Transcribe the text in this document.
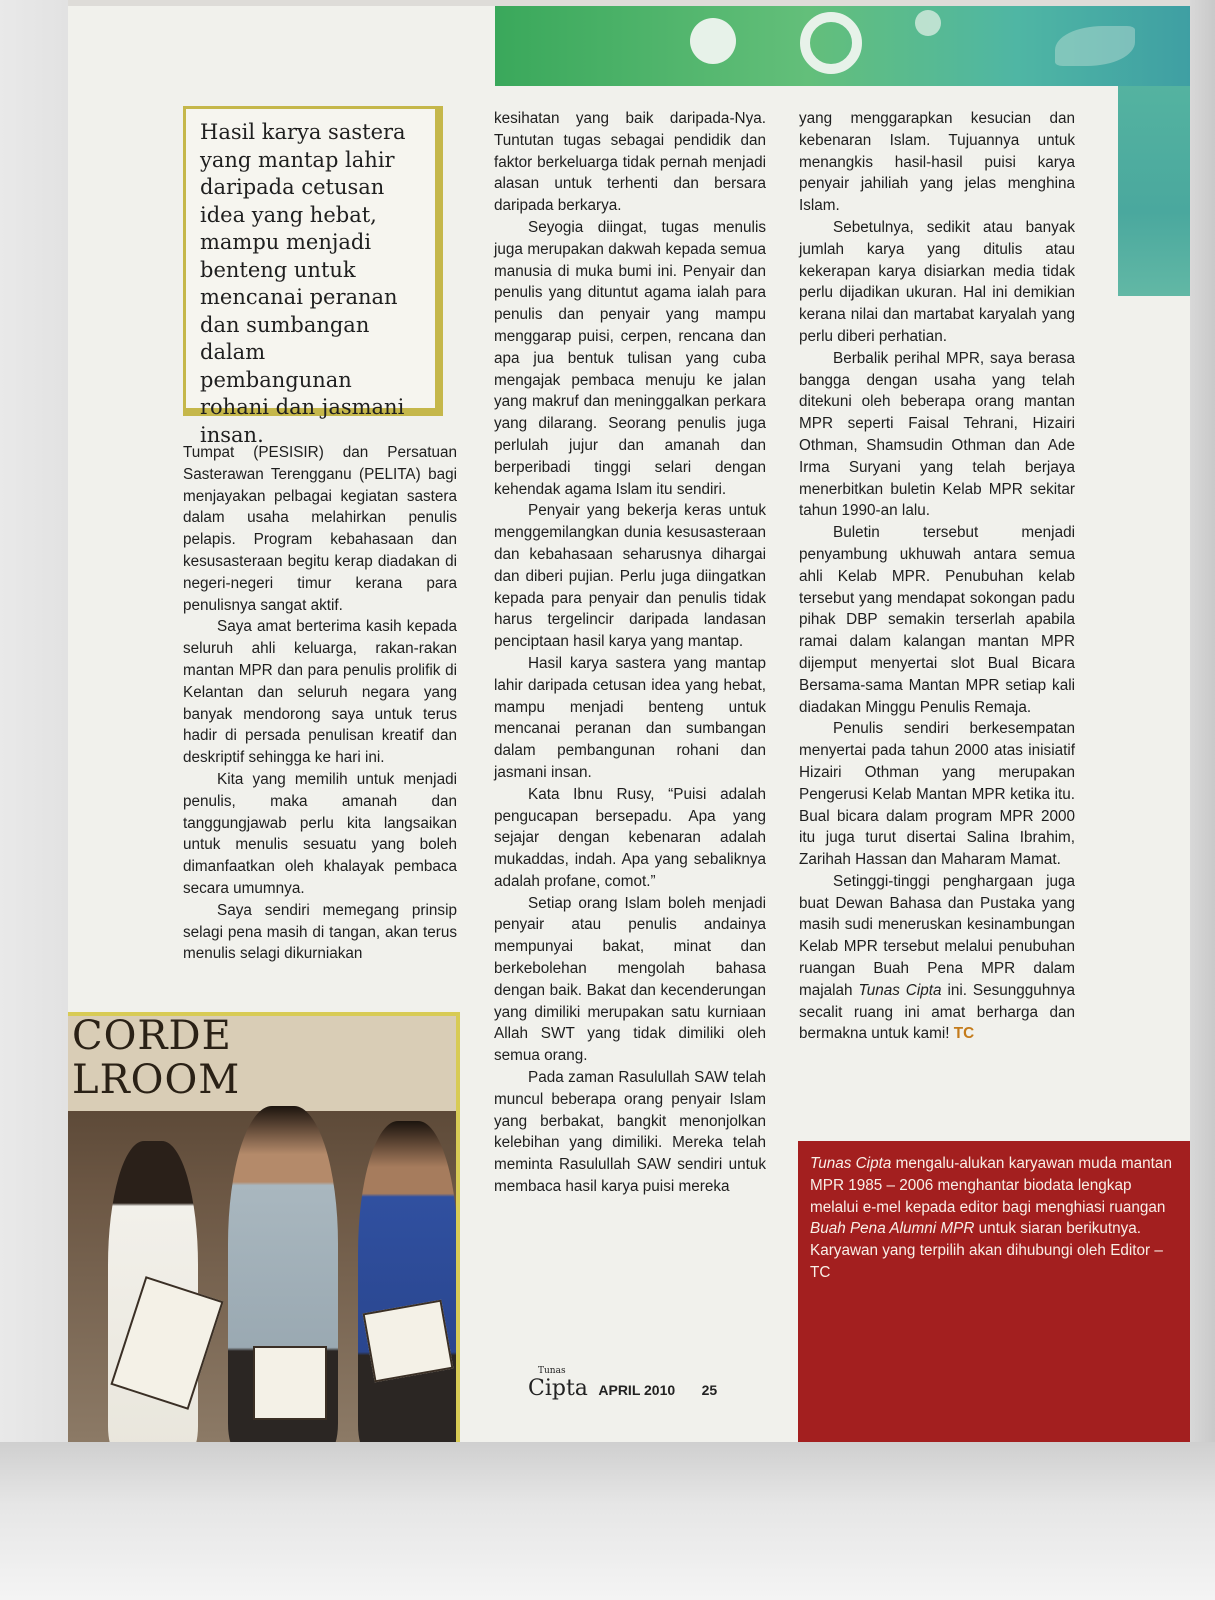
Hasil karya sastera yang mantap lahir daripada cetusan idea yang hebat, mampu menjadi benteng untuk mencanai peranan dan sumbangan dalam pembangunan rohani dan jasmani insan.

Tumpat (PESISIR) dan Persatuan Sasterawan Terengganu (PELITA) bagi menjayakan pelbagai kegiatan sastera dalam usaha melahirkan penulis pelapis. Program kebahasaan dan kesusasteraan begitu kerap diadakan di negeri-negeri timur kerana para penulisnya sangat aktif.

Saya amat berterima kasih kepada seluruh ahli keluarga, rakan-rakan mantan MPR dan para penulis prolifik di Kelantan dan seluruh negara yang banyak mendorong saya untuk terus hadir di persada penulisan kreatif dan deskriptif sehingga ke hari ini.

Kita yang memilih untuk menjadi penulis, maka amanah dan tanggungjawab perlu kita langsaikan untuk menulis sesuatu yang boleh dimanfaatkan oleh khalayak pembaca secara umumnya.

Saya sendiri memegang prinsip selagi pena masih di tangan, akan terus menulis selagi dikurniakan

kesihatan yang baik daripada-Nya. Tuntutan tugas sebagai pendidik dan faktor berkeluarga tidak pernah menjadi alasan untuk terhenti dan bersara daripada berkarya.

Seyogia diingat, tugas menulis juga merupakan dakwah kepada semua manusia di muka bumi ini. Penyair dan penulis yang dituntut agama ialah para penulis dan penyair yang mampu menggarap puisi, cerpen, rencana dan apa jua bentuk tulisan yang cuba mengajak pembaca menuju ke jalan yang makruf dan meninggalkan perkara yang dilarang. Seorang penulis juga perlulah jujur dan amanah dan berperibadi tinggi selari dengan kehendak agama Islam itu sendiri.

Penyair yang bekerja keras untuk menggemilangkan dunia kesusasteraan dan kebahasaan seharusnya dihargai dan diberi pujian. Perlu juga diingatkan kepada para penyair dan penulis tidak harus tergelincir daripada landasan penciptaan hasil karya yang mantap.

Hasil karya sastera yang mantap lahir daripada cetusan idea yang hebat, mampu menjadi benteng untuk mencanai peranan dan sumbangan dalam pembangunan rohani dan jasmani insan.

Kata Ibnu Rusy, “Puisi adalah pengucapan bersepadu. Apa yang sejajar dengan kebenaran adalah mukaddas, indah. Apa yang sebaliknya adalah profane, comot.”

Setiap orang Islam boleh menjadi penyair atau penulis andainya mempunyai bakat, minat dan berkebolehan mengolah bahasa dengan baik. Bakat dan kecenderungan yang dimiliki merupakan satu kurniaan Allah SWT yang tidak dimiliki oleh semua orang.

Pada zaman Rasulullah SAW telah muncul beberapa orang penyair Islam yang berbakat, bangkit menonjolkan kelebihan yang dimiliki. Mereka telah meminta Rasulullah SAW sendiri untuk membaca hasil karya puisi mereka

yang menggarapkan kesucian dan kebenaran Islam. Tujuannya untuk menangkis hasil-hasil puisi karya penyair jahiliah yang jelas menghina Islam.

Sebetulnya, sedikit atau banyak jumlah karya yang ditulis atau kekerapan karya disiarkan media tidak perlu dijadikan ukuran. Hal ini demikian kerana nilai dan martabat karyalah yang perlu diberi perhatian.

Berbalik perihal MPR, saya berasa bangga dengan usaha yang telah ditekuni oleh beberapa orang mantan MPR seperti Faisal Tehrani, Hizairi Othman, Shamsudin Othman dan Ade Irma Suryani yang telah berjaya menerbitkan buletin Kelab MPR sekitar tahun 1990-an lalu.

Buletin tersebut menjadi penyambung ukhuwah antara semua ahli Kelab MPR. Penubuhan kelab tersebut yang mendapat sokongan padu pihak DBP semakin terserlah apabila ramai dalam kalangan mantan MPR dijemput menyertai slot Bual Bicara Bersama-sama Mantan MPR setiap kali diadakan Minggu Penulis Remaja.

Penulis sendiri berkesempatan menyertai pada tahun 2000 atas inisiatif Hizairi Othman yang merupakan Pengerusi Kelab Mantan MPR ketika itu. Bual bicara dalam program MPR 2000 itu juga turut disertai Salina Ibrahim, Zarihah Hassan dan Maharam Mamat.

Setinggi-tinggi penghargaan juga buat Dewan Bahasa dan Pustaka yang masih sudi meneruskan kesinambungan Kelab MPR tersebut melalui penubuhan ruangan Buah Pena MPR dalam majalah Tunas Cipta ini. Sesungguhnya secalit ruang ini amat berharga dan bermakna untuk kami! TC

CORDE
LROOM
Tunas Cipta mengalu-alukan karyawan muda mantan MPR 1985 – 2006 menghantar biodata lengkap melalui e-mel kepada editor bagi menghiasi ruangan Buah Pena Alumni MPR untuk siaran berikutnya. Karyawan yang terpilih akan dihubungi oleh Editor – TC
Tunas
Cipta APRIL 2010 25
